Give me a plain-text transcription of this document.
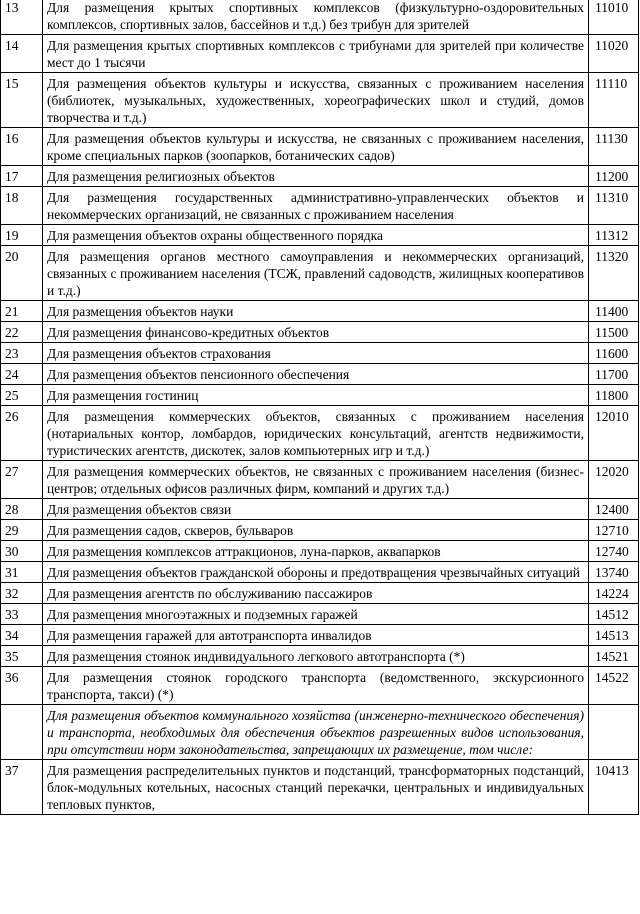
13	Для размещения крытых спортивных комплексов (физкультурно-оздоровительных комплексов, спортивных залов, бассейнов и т.д.) без трибун для зрителей	11010
14	Для размещения крытых спортивных комплексов с трибунами для зрителей при количестве мест до 1 тысячи	11020
15	Для размещения объектов культуры и искусства, связанных с проживанием населения (библиотек, музыкальных, художественных, хореографических школ и студий, домов творчества и т.д.)	11110
16	Для размещения объектов культуры и искусства, не связанных с проживанием населения, кроме специальных парков (зоопарков, ботанических садов)	11130
17	Для размещения религиозных объектов	11200
18	Для размещения государственных административно-управленческих объектов и некоммерческих организаций, не связанных с проживанием населения	11310
19	Для размещения объектов охраны общественного порядка	11312
20	Для размещения органов местного самоуправления и некоммерческих организаций, связанных с проживанием населения (ТСЖ, правлений садоводств, жилищных кооперативов и т.д.)	11320
21	Для размещения объектов науки	11400
22	Для размещения финансово-кредитных объектов	11500
23	Для размещения объектов страхования	11600
24	Для размещения объектов пенсионного обеспечения	11700
25	Для размещения гостиниц	11800
26	Для размещения коммерческих объектов, связанных с проживанием населения (нотариальных контор, ломбардов, юридических консультаций, агентств недвижимости, туристических агентств, дискотек, залов компьютерных игр и т.д.)	12010
27	Для размещения коммерческих объектов, не связанных с проживанием населения (бизнес-центров; отдельных офисов различных фирм, компаний и других т.д.)	12020
28	Для размещения объектов связи	12400
29	Для размещения садов, скверов, бульваров	12710
30	Для размещения комплексов аттракционов, луна-парков, аквапарков	12740
31	Для размещения объектов гражданской обороны и предотвращения чрезвычайных ситуаций	13740
32	Для размещения агентств по обслуживанию пассажиров	14224
33	Для размещения многоэтажных и подземных гаражей	14512
34	Для размещения гаражей для автотранспорта инвалидов	14513
35	Для размещения стоянок индивидуального легкового автотранспорта (*)	14521
36	Для размещения стоянок городского транспорта (ведомственного, экскурсионного транспорта, такси) (*)	14522
	Для размещения объектов коммунального хозяйства (инженерно-технического обеспечения) и транспорта, необходимых для обеспечения объектов разрешенных видов использования, при отсутствии норм законодательства, запрещающих их размещение, том числе:	
37	Для размещения распределительных пунктов и подстанций, трансформаторных подстанций, блок-модульных котельных, насосных станций перекачки, центральных и индивидуальных тепловых пунктов,	10413
